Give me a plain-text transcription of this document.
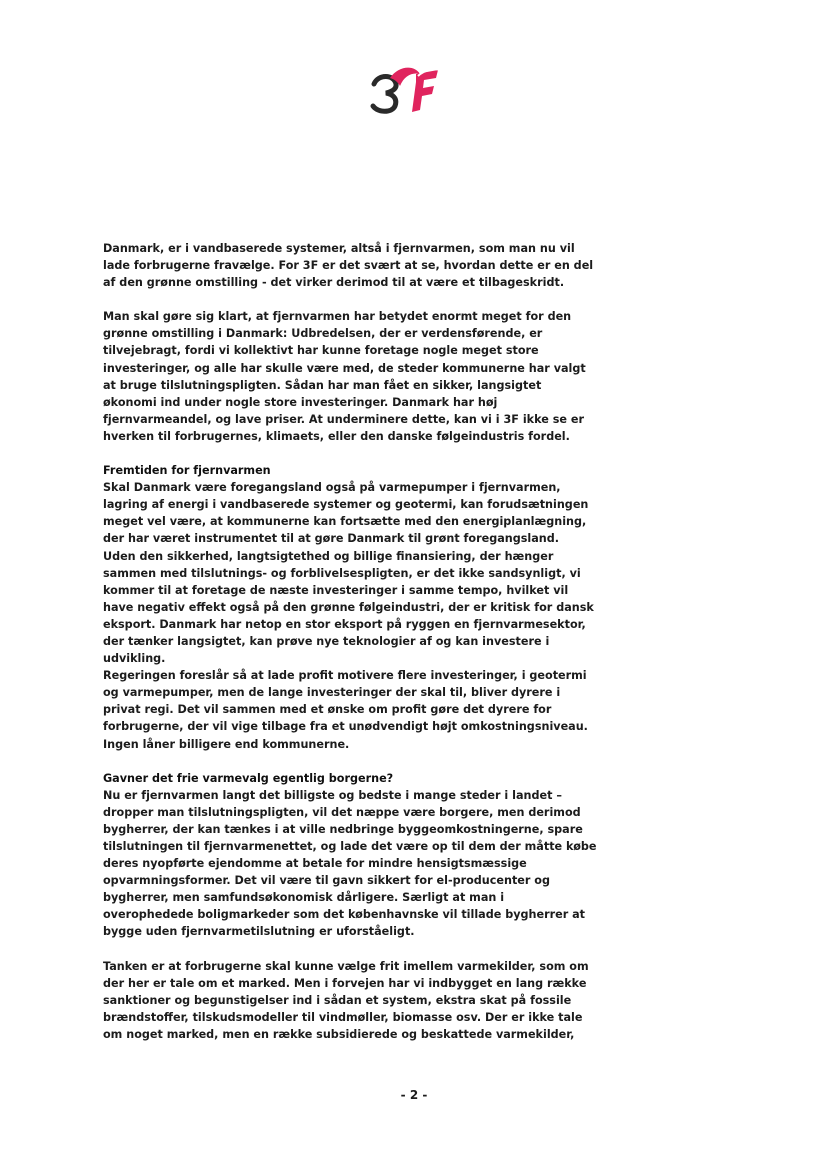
Danmark, er i vandbaserede systemer, altså i fjernvarmen, som man nu vil
lade forbrugerne fravælge. For 3F er det svært at se, hvordan dette er en del
af den grønne omstilling - det virker derimod til at være et tilbageskridt.

Man skal gøre sig klart, at fjernvarmen har betydet enormt meget for den
grønne omstilling i Danmark: Udbredelsen, der er verdensførende, er
tilvejebragt, fordi vi kollektivt har kunne foretage nogle meget store
investeringer, og alle har skulle være med, de steder kommunerne har valgt
at bruge tilslutningspligten. Sådan har man fået en sikker, langsigtet
økonomi ind under nogle store investeringer. Danmark har høj
fjernvarmeandel, og lave priser. At underminere dette, kan vi i 3F ikke se er
hverken til forbrugernes, klimaets, eller den danske følgeindustris fordel.

Fremtiden for fjernvarmen

Skal Danmark være foregangsland også på varmepumper i fjernvarmen,
lagring af energi i vandbaserede systemer og geotermi, kan forudsætningen
meget vel være, at kommunerne kan fortsætte med den energiplanlægning,
der har været instrumentet til at gøre Danmark til grønt foregangsland.
Uden den sikkerhed, langtsigtethed og billige finansiering, der hænger
sammen med tilslutnings- og forblivelsespligten, er det ikke sandsynligt, vi
kommer til at foretage de næste investeringer i samme tempo, hvilket vil
have negativ effekt også på den grønne følgeindustri, der er kritisk for dansk
eksport. Danmark har netop en stor eksport på ryggen en fjernvarmesektor,
der tænker langsigtet, kan prøve nye teknologier af og kan investere i
udvikling.
Regeringen foreslår så at lade profit motivere flere investeringer, i geotermi
og varmepumper, men de lange investeringer der skal til, bliver dyrere i
privat regi. Det vil sammen med et ønske om profit gøre det dyrere for
forbrugerne, der vil vige tilbage fra et unødvendigt højt omkostningsniveau.
Ingen låner billigere end kommunerne.

Gavner det frie varmevalg egentlig borgerne?

Nu er fjernvarmen langt det billigste og bedste i mange steder i landet –
dropper man tilslutningspligten, vil det næppe være borgere, men derimod
bygherrer, der kan tænkes i at ville nedbringe byggeomkostningerne, spare
tilslutningen til fjernvarmenettet, og lade det være op til dem der måtte købe
deres nyopførte ejendomme at betale for mindre hensigtsmæssige
opvarmningsformer. Det vil være til gavn sikkert for el-producenter og
bygherrer, men samfundsøkonomisk dårligere. Særligt at man i
overophedede boligmarkeder som det københavnske vil tillade bygherrer at
bygge uden fjernvarmetilslutning er uforståeligt.

Tanken er at forbrugerne skal kunne vælge frit imellem varmekilder, som om
der her er tale om et marked. Men i forvejen har vi indbygget en lang række
sanktioner og begunstigelser ind i sådan et system, ekstra skat på fossile
brændstoffer, tilskudsmodeller til vindmøller, biomasse osv. Der er ikke tale
om noget marked, men en række subsidierede og beskattede varmekilder,

- 2 -
